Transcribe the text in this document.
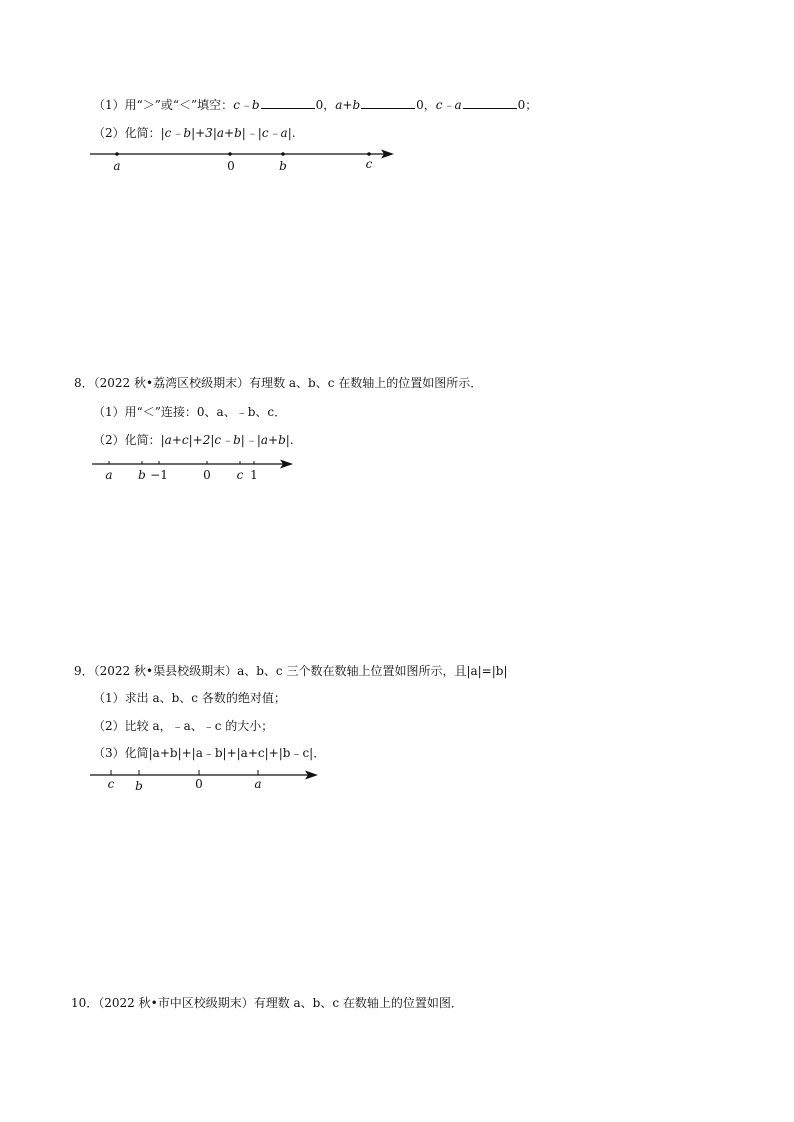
（1）用“＞”或“＜”填空：c﹣b	0，a+b	0，c﹣a	0；
（2）化简：|c﹣b|+3|a+b|﹣|c﹣a|.
a	0	b	c
8．（2022 秋•荔湾区校级期末）有理数 a、b、c 在数轴上的位置如图所示．
（1）用“＜”连接：0、a、﹣b、c．
（2）化简：|a+c|+2|c﹣b|﹣|a+b|.
a b −1	0 c 1
9．（2022 秋•渠县校级期末）a、b、c 三个数在数轴上位置如图所示，且|a|=|b|
（1）求出 a、b、c 各数的绝对值；
（2）比较 a，﹣a、﹣c 的大小；
（3）化简|a+b|+|a﹣b|+|a+c|+|b﹣c|．
c b	0	a
10．（2022 秋•市中区校级期末）有理数 a、b、c 在数轴上的位置如图．
